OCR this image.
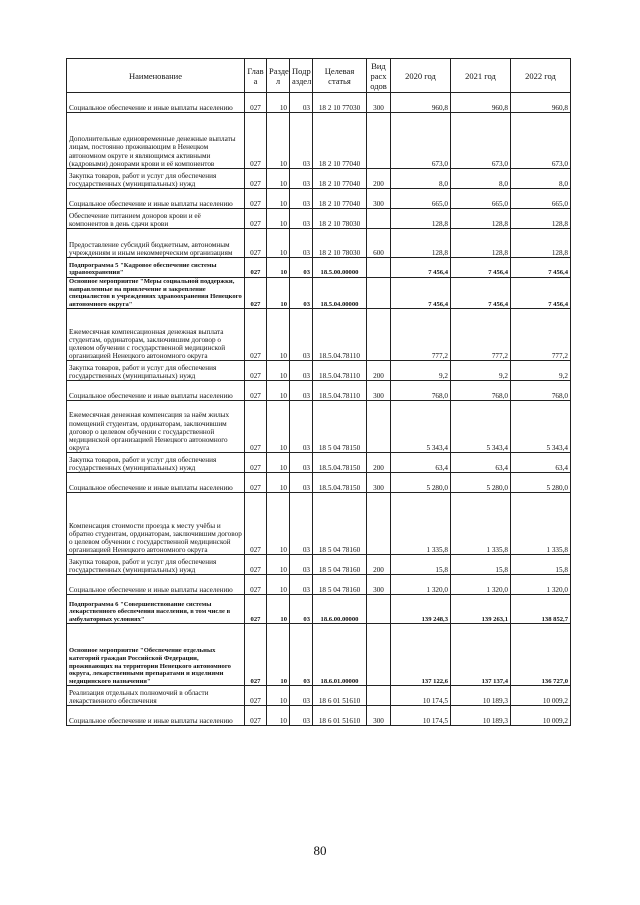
Наименование	Глав а	Разде л	Подр аздел	Целевая статья	Вид расх одов	2020 год	2021 год	2022 год
Социальное обеспечение и иные выплаты населению	027	10	03	18 2 10 77030	300	960,8	960,8	960,8
Дополнительные единовременные денежные выплаты лицам, постоянно проживающим в Ненецком автономном округе и являющимся активными (кадровыми) донорами крови и её компонентов	027	10	03	18 2 10 77040		673,0	673,0	673,0
Закупка товаров, работ и услуг для обеспечения государственных (муниципальных) нужд	027	10	03	18 2 10 77040	200	8,0	8,0	8,0
Социальное обеспечение и иные выплаты населению	027	10	03	18 2 10 77040	300	665,0	665,0	665,0
Обеспечение питанием доноров крови и её компонентов в день сдачи крови	027	10	03	18 2 10 78030		128,8	128,8	128,8
Предоставление субсидий бюджетным, автономным учреждениям и иным некоммерческим организациям	027	10	03	18 2 10 78030	600	128,8	128,8	128,8
Подпрограмма 5 "Кадровое обеспечение системы здравоохранения"	027	10	03	18.5.00.00000		7 456,4	7 456,4	7 456,4
Основное мероприятие "Меры социальной поддержки, направленные на привлечение и закрепление специалистов в учреждениях здравоохранения Ненецкого автономного округа"	027	10	03	18.5.04.00000		7 456,4	7 456,4	7 456,4
Ежемесячная компенсационная денежная выплата студентам, ординаторам, заключившим договор о целевом обучении с государственной медицинской организацией Ненецкого автономного округа	027	10	03	18.5.04.78110		777,2	777,2	777,2
Закупка товаров, работ и услуг для обеспечения государственных (муниципальных) нужд	027	10	03	18.5.04.78110	200	9,2	9,2	9,2
Социальное обеспечение и иные выплаты населению	027	10	03	18.5.04.78110	300	768,0	768,0	768,0
Ежемесячная денежная компенсация за наём жилых помещений студентам, ординаторам, заключившим договор о целевом обучении с государственной медицинской организацией Ненецкого автономного округа	027	10	03	18 5 04 78150		5 343,4	5 343,4	5 343,4
Закупка товаров, работ и услуг для обеспечения государственных (муниципальных) нужд	027	10	03	18.5.04.78150	200	63,4	63,4	63,4
Социальное обеспечение и иные выплаты населению	027	10	03	18.5.04.78150	300	5 280,0	5 280,0	5 280,0
Компенсация стоимости проезда к месту учёбы и обратно студентам, ординаторам, заключившим договор о целевом обучении с государственной медицинской организацией Ненецкого автономного округа	027	10	03	18 5 04 78160		1 335,8	1 335,8	1 335,8
Закупка товаров, работ и услуг для обеспечения государственных (муниципальных) нужд	027	10	03	18 5 04 78160	200	15,8	15,8	15,8
Социальное обеспечение и иные выплаты населению	027	10	03	18 5 04 78160	300	1 320,0	1 320,0	1 320,0
Подпрограмма 6 "Совершенствование системы лекарственного обеспечения населения, в том числе в амбулаторных условиях"	027	10	03	18.6.00.00000		139 248,3	139 263,1	138 852,7
Основное мероприятие "Обеспечение отдельных категорий граждан Российской Федерации, проживающих на территории Ненецкого автономного округа, лекарственными препаратами и изделиями медицинского назначения"	027	10	03	18.6.01.00000		137 122,6	137 137,4	136 727,0
Реализация отдельных полномочий в области лекарственного обеспечения	027	10	03	18 6 01 51610		10 174,5	10 189,3	10 009,2
Социальное обеспечение и иные выплаты населению	027	10	03	18 6 01 51610	300	10 174,5	10 189,3	10 009,2
80
